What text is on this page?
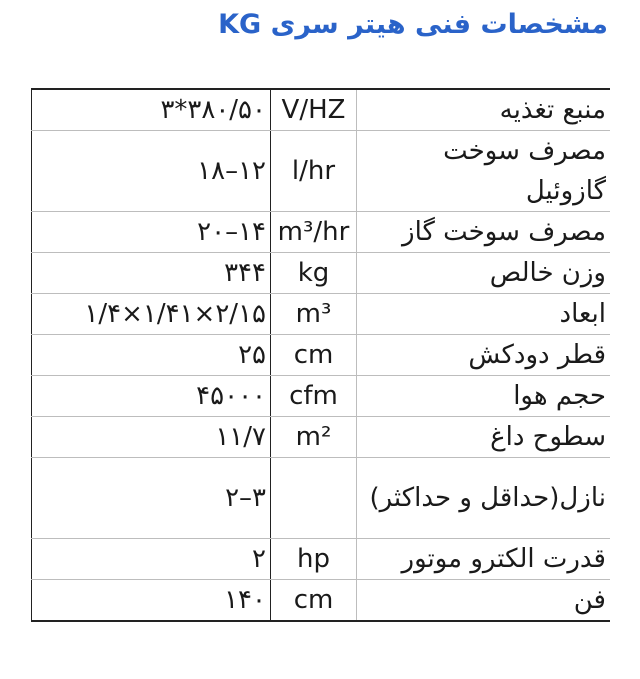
مشخصات فنی هیتر سری KG
۳۸۰/۵۰*۳	V/HZ	منبع تغذیه
۱۲–۱۸	l/hr	مصرف سوخت گازوئیل
۱۴–۲۰	m³/hr	مصرف سوخت گاز
۳۴۴	kg	وزن خالص
۲/۱۵×۱/۴۱×۱/۴	m³	ابعاد
۲۵	cm	قطر دودکش
۴۵۰۰۰	cfm	حجم هوا
۱۱/۷	m²	سطوح داغ
۳–۲		نازل(حداقل و حداکثر)
۲	hp	قدرت الکترو موتور
۱۴۰	cm	فن
